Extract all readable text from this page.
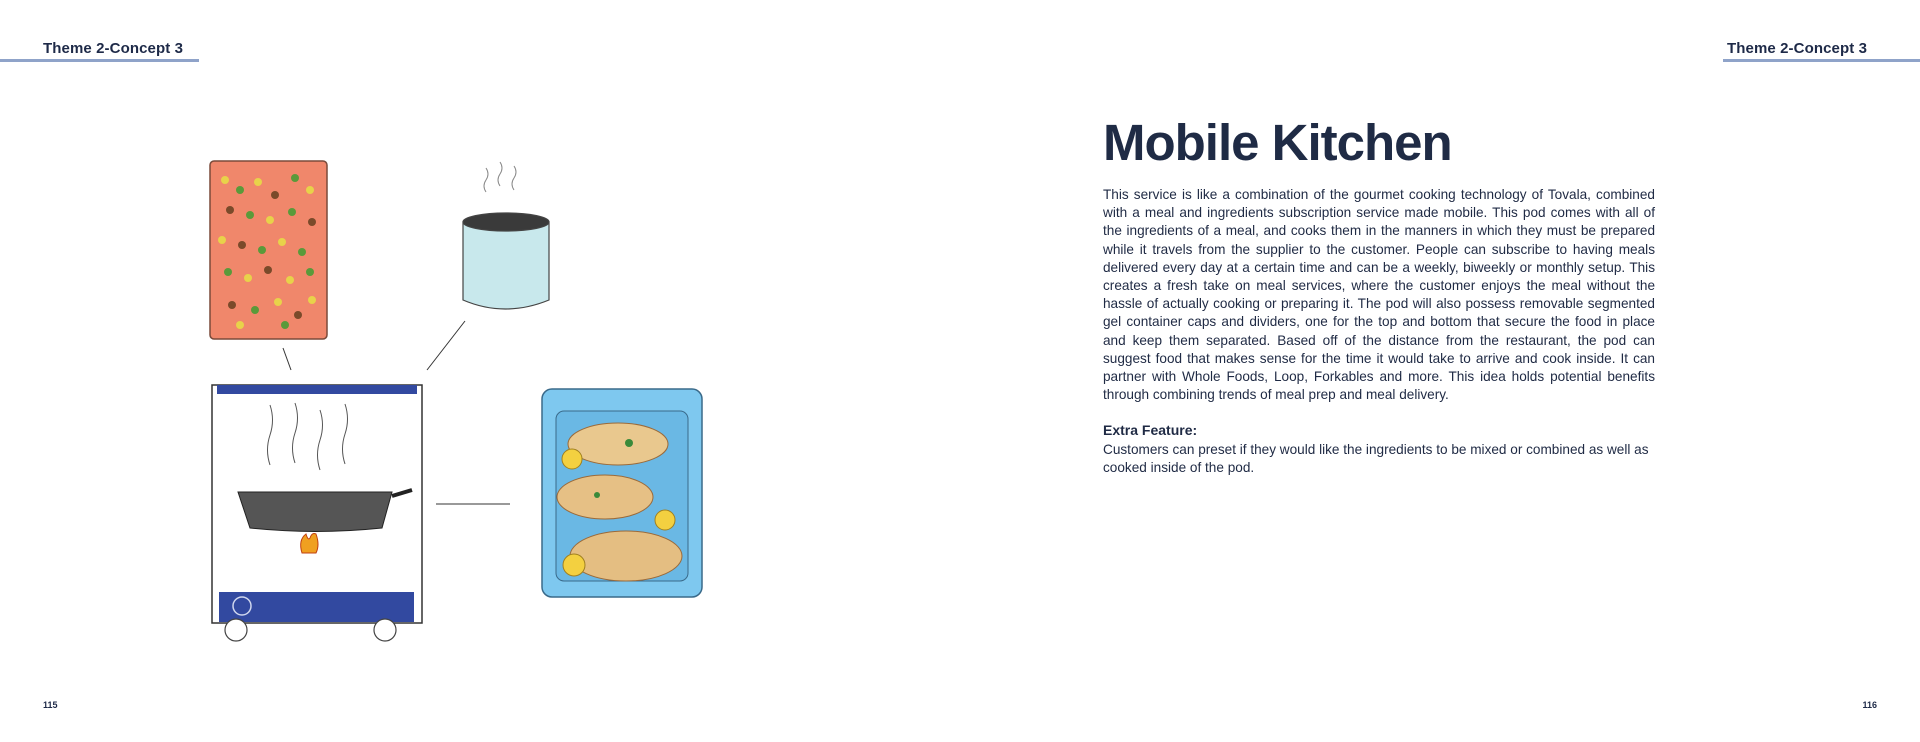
Theme 2-Concept 3
115
Theme 2-Concept 3
Mobile Kitchen

This service is like a combination of the gourmet cooking technology of Tovala, combined with a meal and ingredients subscription service made mobile. This pod comes with all of the ingredients of a meal, and cooks them in the manners in which they must be prepared while it travels from the supplier to the customer. People can subscribe to having meals delivered every day at a certain time and can be a weekly, biweekly or monthly setup. This creates a fresh take on meal services, where the customer enjoys the meal without the hassle of actually cooking or preparing it. The pod will also possess removable segmented gel container caps and dividers, one for the top and bottom that secure the food in place and keep them separated. Based off of the distance from the restaurant, the pod can suggest food that makes sense for the time it would take to arrive and cook inside. It can partner with Whole Foods, Loop, Forkables and more. This idea holds potential benefits through combining trends of meal prep and meal delivery.

Extra Feature:

Customers can preset if they would like the ingredients to be mixed or combined as well as cooked inside of the pod.

116
